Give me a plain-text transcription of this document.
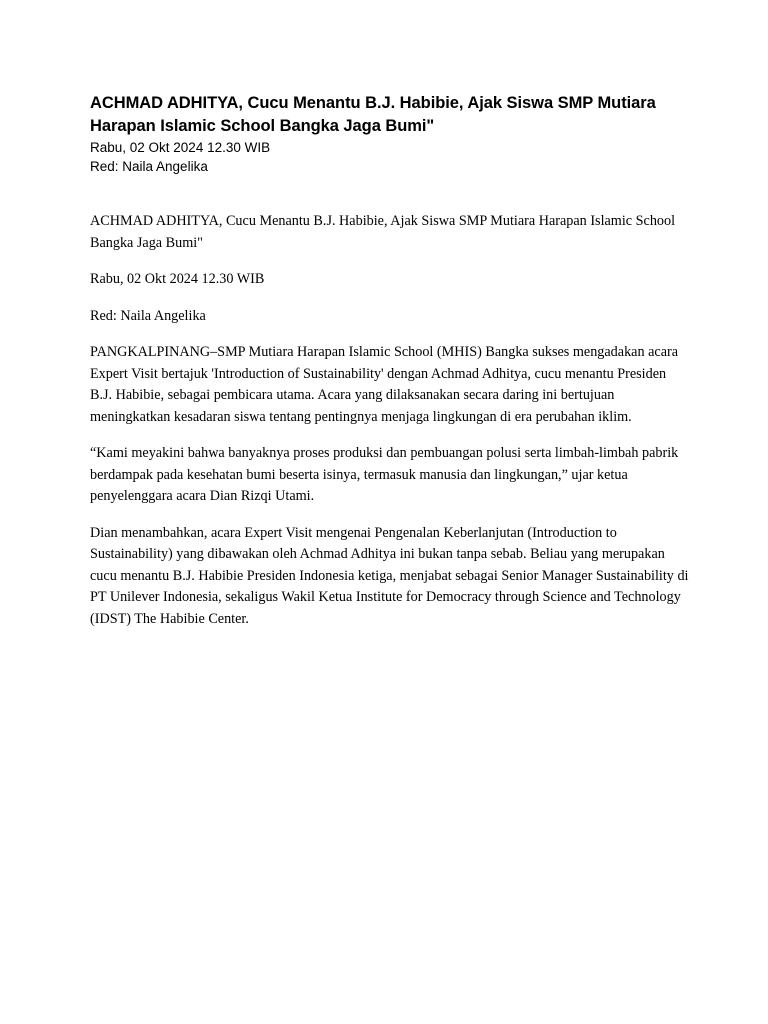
ACHMAD ADHITYA, Cucu Menantu B.J. Habibie, Ajak Siswa SMP Mutiara Harapan Islamic School Bangka Jaga Bumi"

Rabu, 02 Okt 2024 12.30 WIB

Red: Naila Angelika

ACHMAD ADHITYA, Cucu Menantu B.J. Habibie, Ajak Siswa SMP Mutiara Harapan Islamic School Bangka Jaga Bumi"

Rabu, 02 Okt 2024 12.30 WIB

Red: Naila Angelika

PANGKALPINANG–SMP Mutiara Harapan Islamic School (MHIS) Bangka sukses mengadakan acara Expert Visit bertajuk 'Introduction of Sustainability' dengan Achmad Adhitya, cucu menantu Presiden B.J. Habibie, sebagai pembicara utama. Acara yang dilaksanakan secara daring ini bertujuan meningkatkan kesadaran siswa tentang pentingnya menjaga lingkungan di era perubahan iklim.

“Kami meyakini bahwa banyaknya proses produksi dan pembuangan polusi serta limbah-limbah pabrik berdampak pada kesehatan bumi beserta isinya, termasuk manusia dan lingkungan,” ujar ketua penyelenggara acara Dian Rizqi Utami.

Dian menambahkan, acara Expert Visit mengenai Pengenalan Keberlanjutan (Introduction to Sustainability) yang dibawakan oleh Achmad Adhitya ini bukan tanpa sebab. Beliau yang merupakan cucu menantu B.J. Habibie Presiden Indonesia ketiga, menjabat sebagai Senior Manager Sustainability di PT Unilever Indonesia, sekaligus Wakil Ketua Institute for Democracy through Science and Technology (IDST) The Habibie Center.
